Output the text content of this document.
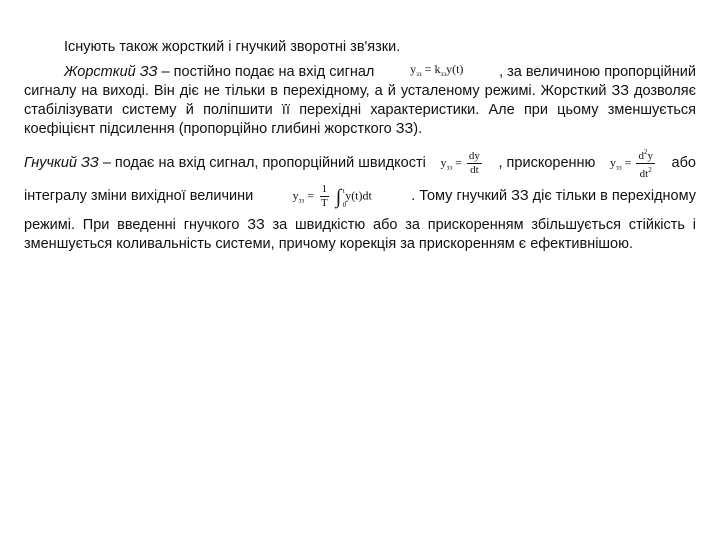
Існують також жорсткий і гнучкий зворотні зв'язки.
Жорсткий ЗЗ – постійно подає на вхід сигнал	$y_{зз} = k_{зз}y(t)$ , за величиною пропорційний
сигналу на виході. Він діє не тільки в перехідному, а й усталеному режимі. Жорсткий ЗЗ дозволяє
стабілізувати систему й поліпшити її перехідні характеристики. Але при цьому зменшується
коефіцієнт підсилення (пропорційно глибині жорсткого ЗЗ).
Гнучкий ЗЗ – подає на вхід сигнал, пропорційний швидкості $y_{зз} = \frac{dy}{dt}$ , прискоренню $y_{зз} = \frac{d^2y}{dt^2}$ або
інтегралу зміни вихідної величини	$y_{зз} = \frac{1}{T}$ ∫ t
0
y(t)dt	. Тому гнучкий ЗЗ діє тільки в перехідному
режимі. При введенні гнучкого ЗЗ за швидкістю або за прискоренням збільшується стійкість і
зменшується коливальність системи, причому корекція за прискоренням є ефективнішою.
